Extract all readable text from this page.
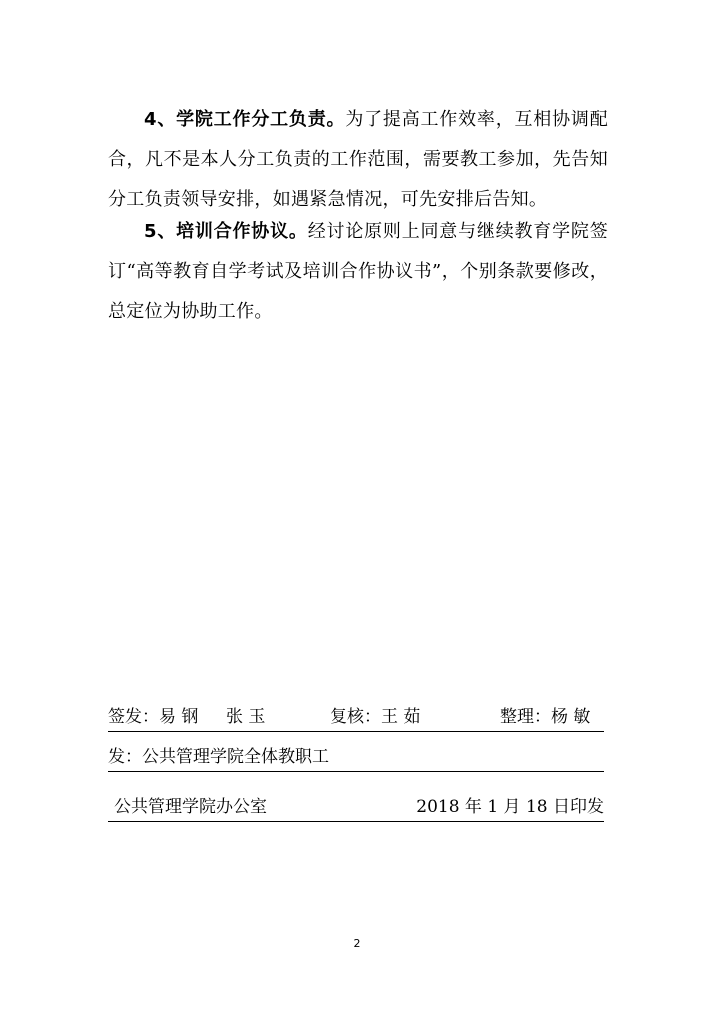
4、学院工作分工负责。为了提高工作效率，互相协调配合，凡不是本人分工负责的工作范围，需要教工参加，先告知分工负责领导安排，如遇紧急情况，可先安排后告知。
5、培训合作协议。经讨论原则上同意与继续教育学院签订“高等教育自学考试及培训合作协议书”，个别条款要修改，总定位为协助工作。
签发：易 钢 张 玉	复核：王 茹	整理：杨 敏
发：公共管理学院全体教职工
公共管理学院办公室	2018 年 1 月 18 日印发
2
